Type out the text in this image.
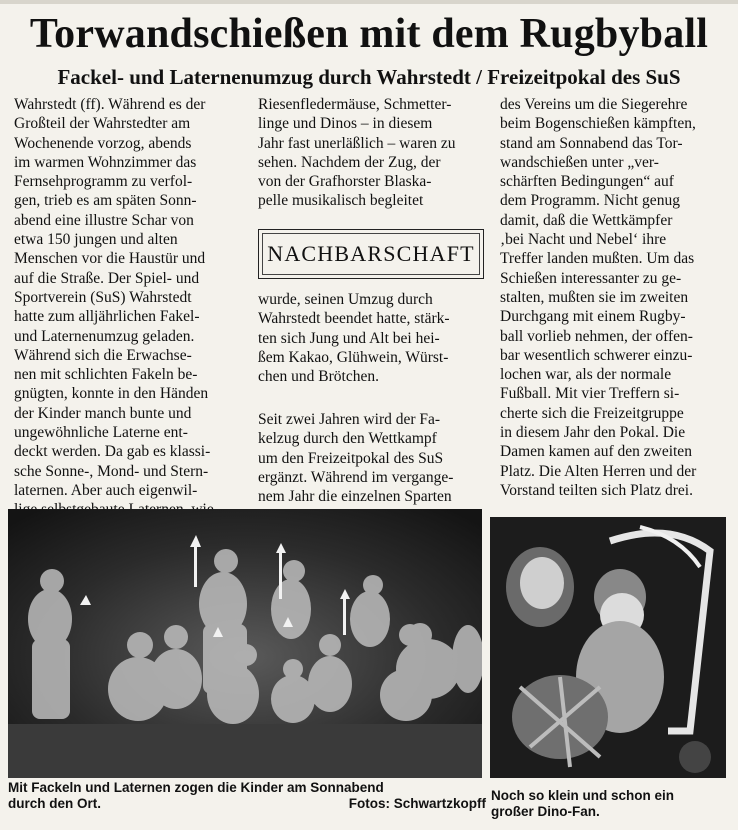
Torwandschießen mit dem Rugbyball
Fackel- und Laternenumzug durch Wahrstedt / Freizeitpokal des SuS
Wahrstedt (ff). Während es der
Großteil der Wahrstedter am
Wochenende vorzog, abends
im warmen Wohnzimmer das
Fernsehprogramm zu verfol-
gen, trieb es am späten Sonn-
abend eine illustre Schar von
etwa 150 jungen und alten
Menschen vor die Haustür und
auf die Straße. Der Spiel- und
Sportverein (SuS) Wahrstedt
hatte zum alljährlichen Fakel-
und Laternenumzug geladen.
Während sich die Erwachse-
nen mit schlichten Fakeln be-
gnügten, konnte in den Händen
der Kinder manch bunte und
ungewöhnliche Laterne ent-
deckt werden. Da gab es klassi-
sche Sonne-, Mond- und Stern-
laternen. Aber auch eigenwil-
Riesenfledermäuse, Schmetter-
linge und Dinos – in diesem
Jahr fast unerläßlich – waren zu
sehen. Nachdem der Zug, der
von der Grafhorster Blaska-
pelle musikalisch begleitet
NACHBARSCHAFT
wurde, seinen Umzug durch
Wahrstedt beendet hatte, stärk-
ten sich Jung und Alt bei hei-
ßem Kakao, Glühwein, Würst-
chen und Brötchen.
Seit zwei Jahren wird der Fa-
kelzug durch den Wettkampf
um den Freizeitpokal des SuS
ergänzt. Während im vergange-
nem Jahr die einzelnen Sparten
des Vereins um die Siegerehre
beim Bogenschießen kämpften,
stand am Sonnabend das Tor-
wandschießen unter „ver-
schärften Bedingungen“ auf
dem Programm. Nicht genug
damit, daß die Wettkämpfer
‚bei Nacht und Nebel‘ ihre
Treffer landen mußten. Um das
Schießen interessanter zu ge-
stalten, mußten sie im zweiten
Durchgang mit einem Rugby-
ball vorlieb nehmen, der offen-
bar wesentlich schwerer einzu-
lochen war, als der normale
Fußball. Mit vier Treffern si-
cherte sich die Freizeitgruppe
in diesem Jahr den Pokal. Die
Damen kamen auf den zweiten
Platz. Die Alten Herren und der
Vorstand teilten sich Platz drei.
Mit Fackeln und Laternen zogen die Kinder am Sonnabend
durch den Ort.	Fotos: Schwartzkopff
Noch so klein und schon ein
großer Dino-Fan.
